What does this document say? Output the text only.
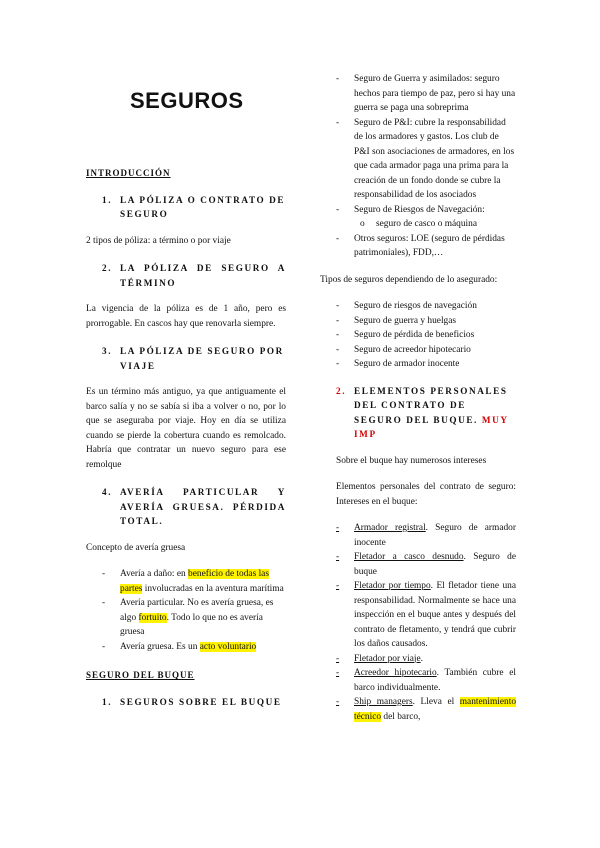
SEGUROS

INTRODUCCIÓN

1. LA PÓLIZA O CONTRATO DE SEGURO

2 tipos de póliza: a término o por viaje

2. LA PÓLIZA DE SEGURO A TÉRMINO

La vigencia de la póliza es de 1 año, pero es prorrogable. En cascos hay que renovarla siempre.

3. LA PÓLIZA DE SEGURO POR VIAJE

Es un término más antiguo, ya que antiguamente el barco salía y no se sabía si iba a volver o no, por lo que se aseguraba por viaje. Hoy en día se utiliza cuando se pierde la cobertura cuando es remolcado. Habría que contratar un nuevo seguro para ese remolque

4. AVERÍA PARTICULAR Y AVERÍA GRUESA. PÉRDIDA TOTAL.

Concepto de avería gruesa

- Avería a daño: en beneficio de todas las partes involucradas en la aventura marítima
- Avería particular. No es avería gruesa, es algo fortuito. Todo lo que no es avería gruesa
- Avería gruesa. Es un acto voluntario

SEGURO DEL BUQUE

1. SEGUROS SOBRE EL BUQUE
- Seguro de Guerra y asimilados: seguro hechos para tiempo de paz, pero si hay una guerra se paga una sobreprima
- Seguro de P&I: cubre la responsabilidad de los armadores y gastos. Los club de P&I son asociaciones de armadores, en los que cada armador paga una prima para la creación de un fondo donde se cubre la responsabilidad de los asociados
- Seguro de Riesgos de Navegación:
o seguro de casco o máquina
- Otros seguros: LOE (seguro de pérdidas patrimoniales), FDD,…

Tipos de seguros dependiendo de lo asegurado:

- Seguro de riesgos de navegación
- Seguro de guerra y huelgas
- Seguro de pérdida de beneficios
- Seguro de acreedor hipotecario
- Seguro de armador inocente
2. ELEMENTOS PERSONALES DEL CONTRATO DE SEGURO DEL BUQUE. MUY IMP

Sobre el buque hay numerosos intereses

Elementos personales del contrato de seguro: Intereses en el buque:

- Armador registral. Seguro de armador inocente
- Fletador a casco desnudo. Seguro de buque
- Fletador por tiempo. El fletador tiene una responsabilidad. Normalmente se hace una inspección en el buque antes y después del contrato de fletamento, y tendrá que cubrir los daños causados.
- Fletador por viaje.
- Acreedor hipotecario. También cubre el barco individualmente.
- Ship managers. Lleva el mantenimiento técnico del barco,
